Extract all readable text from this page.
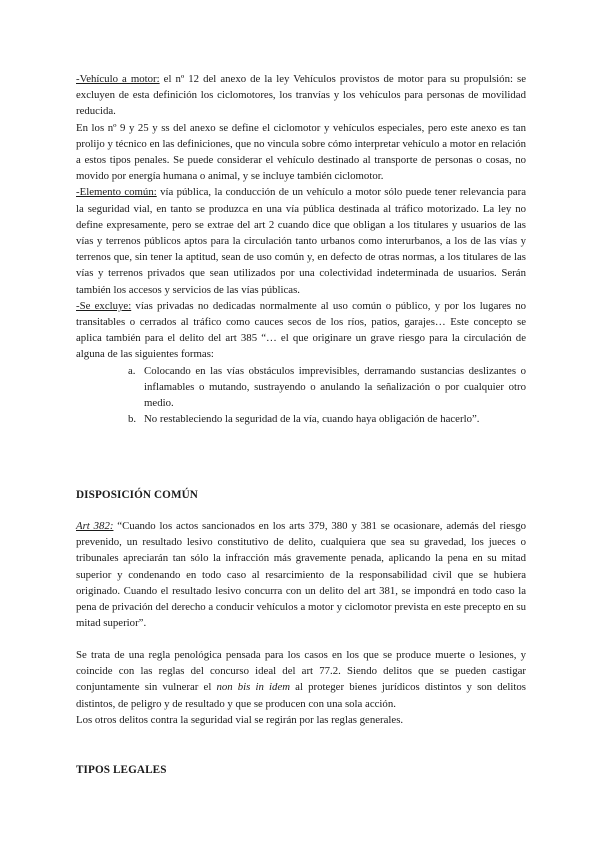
-Vehículo a motor: el nº 12 del anexo de la ley Vehículos provistos de motor para su propulsión: se excluyen de esta definición los ciclomotores, los tranvías y los vehículos para personas de movilidad reducida.

En los nº 9 y 25 y ss del anexo se define el ciclomotor y vehículos especiales, pero este anexo es tan prolijo y técnico en las definiciones, que no vincula sobre cómo interpretar vehículo a motor en relación a estos tipos penales. Se puede considerar el vehículo destinado al transporte de personas o cosas, no movido por energía humana o animal, y se incluye también ciclomotor.

-Elemento común: vía pública, la conducción de un vehículo a motor sólo puede tener relevancia para la seguridad vial, en tanto se produzca en una vía pública destinada al tráfico motorizado. La ley no define expresamente, pero se extrae del art 2 cuando dice que obligan a los titulares y usuarios de las vías y terrenos públicos aptos para la circulación tanto urbanos como interurbanos, a los de las vías y terrenos que, sin tener la aptitud, sean de uso común y, en defecto de otras normas, a los titulares de las vías y terrenos privados que sean utilizados por una colectividad indeterminada de usuarios. Serán también los accesos y servicios de las vías públicas.

-Se excluye: vías privadas no dedicadas normalmente al uso común o público, y por los lugares no transitables o cerrados al tráfico como cauces secos de los ríos, patios, garajes… Este concepto se aplica también para el delito del art 385 “… el que originare un grave riesgo para la circulación de alguna de las siguientes formas:

a. Colocando en las vías obstáculos imprevisibles, derramando sustancias deslizantes o inflamables o mutando, sustrayendo o anulando la señalización o por cualquier otro medio.
b. No restableciendo la seguridad de la vía, cuando haya obligación de hacerlo”.
DISPOSICIÓN COMÚN

Art 382: “Cuando los actos sancionados en los arts 379, 380 y 381 se ocasionare, además del riesgo prevenido, un resultado lesivo constitutivo de delito, cualquiera que sea su gravedad, los jueces o tribunales apreciarán tan sólo la infracción más gravemente penada, aplicando la pena en su mitad superior y condenando en todo caso al resarcimiento de la responsabilidad civil que se hubiera originado. Cuando el resultado lesivo concurra con un delito del art 381, se impondrá en todo caso la pena de privación del derecho a conducir vehículos a motor y ciclomotor prevista en este precepto en su mitad superior”.

Se trata de una regla penológica pensada para los casos en los que se produce muerte o lesiones, y coincide con las reglas del concurso ideal del art 77.2. Siendo delitos que se pueden castigar conjuntamente sin vulnerar el non bis in idem al proteger bienes jurídicos distintos y son delitos distintos, de peligro y de resultado y que se producen con una sola acción.

Los otros delitos contra la seguridad vial se regirán por las reglas generales.

TIPOS LEGALES
